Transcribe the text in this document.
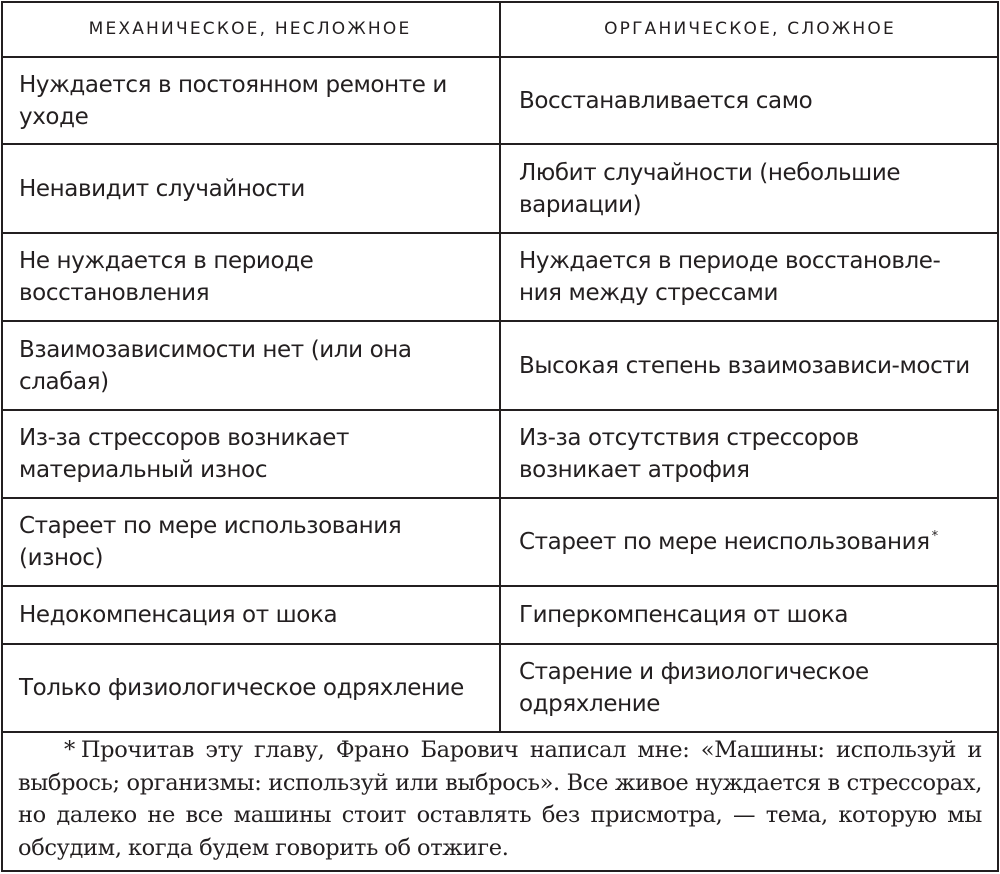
МЕХАНИЧЕСКОЕ, НЕСЛОЖНОЕ	ОРГАНИЧЕСКОЕ, СЛОЖНОЕ
Нуждается в постоянном ремонте и уходе	Восстанавливается само
Ненавидит случайности	Любит случайности (небольшие вариации)
Не нуждается в периоде восстановления	Нуждается в периоде восстановле-ния между стрессами
Взаимозависимости нет (или она слабая)	Высокая степень взаимозависи-мости
Из-за стрессоров возникает материальный износ	Из-за отсутствия стрессоров возникает атрофия
Стареет по мере использования (износ)	Стареет по мере неиспользования *
Недокомпенсация от шока	Гиперкомпенсация от шока
Только физиологическое одряхление	Старение и физиологическое одряхление

* Прочитав эту главу, Франо Барович написал мне: «Машины: используй и выбрось; организмы: используй или выбрось». Все живое нуждается в стрессорах, но далеко не все машины стоит оставлять без присмотра, — тема, которую мы обсудим, когда будем говорить об отжиге.
